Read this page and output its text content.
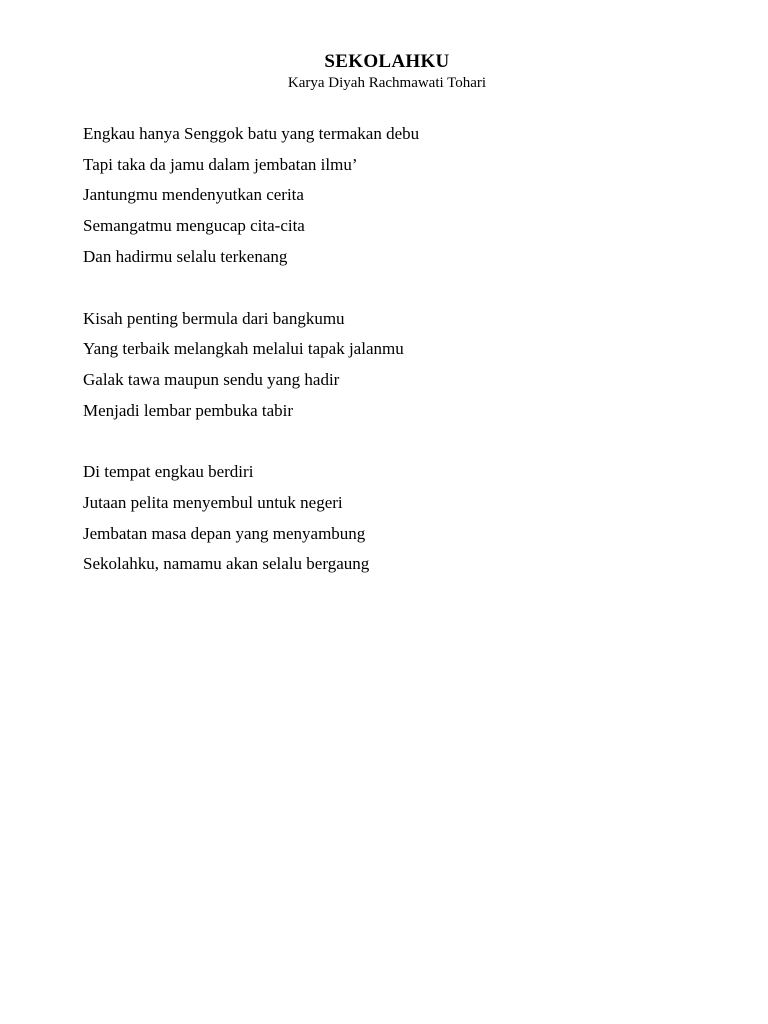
SEKOLAHKU
Karya Diyah Rachmawati Tohari
Engkau hanya Senggok batu yang termakan debu
Tapi taka da jamu dalam jembatan ilmu’
Jantungmu mendenyutkan cerita
Semangatmu mengucap cita-cita
Dan hadirmu selalu terkenang
Kisah penting bermula dari bangkumu
Yang terbaik melangkah melalui tapak jalanmu
Galak tawa maupun sendu yang hadir
Menjadi lembar pembuka tabir
Di tempat engkau berdiri
Jutaan pelita menyembul untuk negeri
Jembatan masa depan yang menyambung
Sekolahku, namamu akan selalu bergaung
